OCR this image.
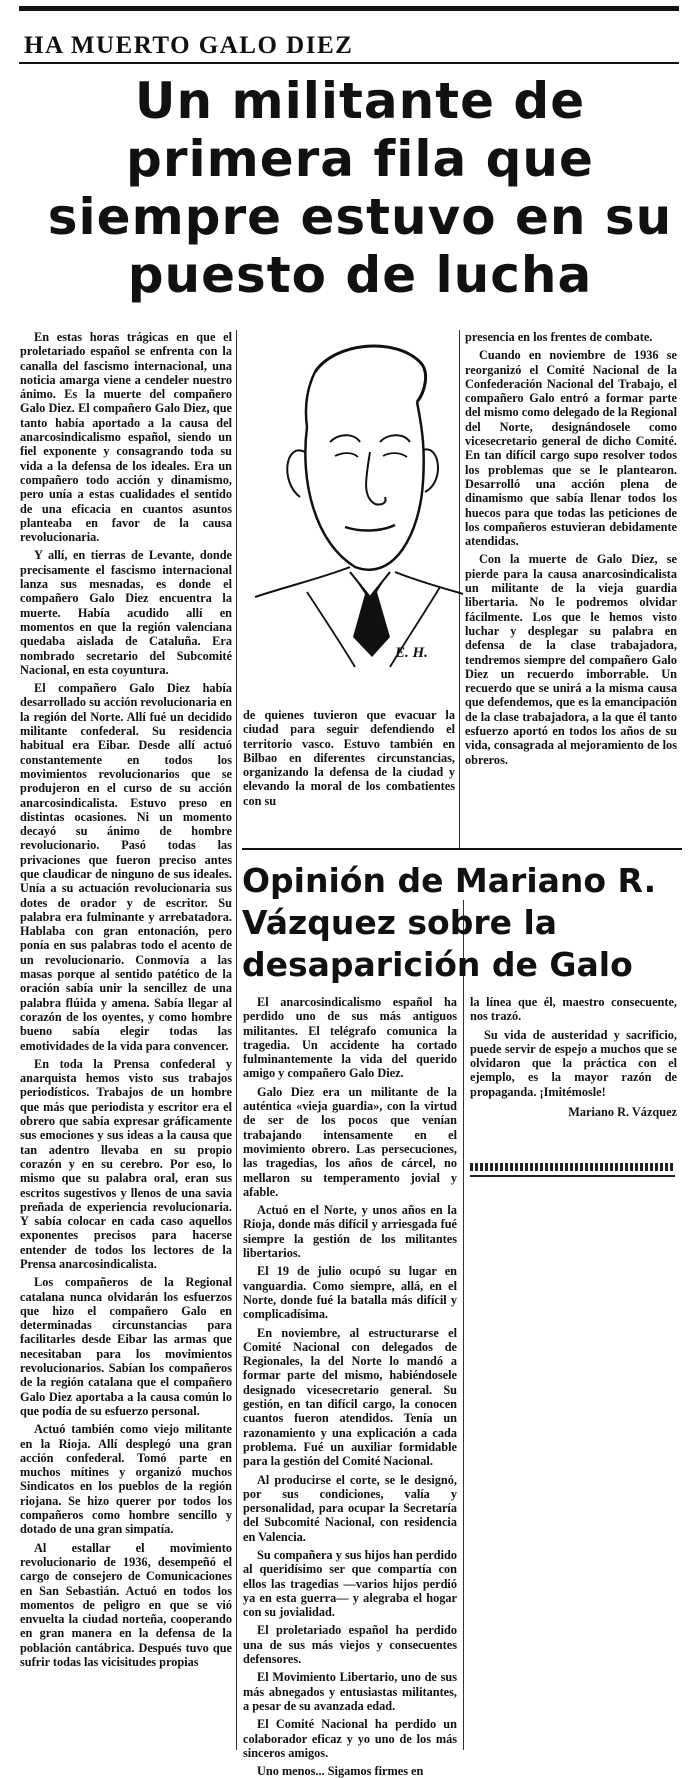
HA MUERTO GALO DIEZ
Un militante de primera fila que siempre estuvo en su puesto de lucha

En estas horas trágicas en que el proletariado español se enfrenta con la canalla del fascismo internacional, una noticia amarga viene a cendeler nuestro ánimo. Es la muerte del compañero Galo Diez. El compañero Galo Diez, que tanto había aportado a la causa del anarcosindicalismo español, siendo un fiel exponente y consagrando toda su vida a la defensa de los ideales. Era un compañero todo acción y dinamismo, pero unía a estas cualidades el sentido de una eficacia en cuantos asuntos planteaba en favor de la causa revolucionaria.

Y allí, en tierras de Levante, donde precisamente el fascismo internacional lanza sus mesnadas, es donde el compañero Galo Diez encuentra la muerte. Había acudido allí en momentos en que la región valenciana quedaba aislada de Cataluña. Era nombrado secretario del Subcomité Nacional, en esta coyuntura.

El compañero Galo Diez había desarrollado su acción revolucionaria en la región del Norte. Allí fué un decidido militante confederal. Su residencia habitual era Eibar. Desde allí actuó constantemente en todos los movimientos revolucionarios que se produjeron en el curso de su acción anarcosindicalista. Estuvo preso en distintas ocasiones. Ni un momento decayó su ánimo de hombre revolucionario. Pasó todas las privaciones que fueron preciso antes que claudicar de ninguno de sus ideales. Unía a su actuación revolucionaria sus dotes de orador y de escritor. Su palabra era fulminante y arrebatadora. Hablaba con gran entonación, pero ponía en sus palabras todo el acento de un revolucionario. Conmovía a las masas porque al sentido patético de la oración sabía unir la sencillez de una palabra flúida y amena. Sabía llegar al corazón de los oyentes, y como hombre bueno sabía elegir todas las emotividades de la vida para convencer.

En toda la Prensa confederal y anarquista hemos visto sus trabajos periodísticos. Trabajos de un hombre que más que periodista y escritor era el obrero que sabía expresar gráficamente sus emociones y sus ideas a la causa que tan adentro llevaba en su propio corazón y en su cerebro. Por eso, lo mismo que su palabra oral, eran sus escritos sugestivos y llenos de una savia preñada de experiencia revolucionaria. Y sabía colocar en cada caso aquellos exponentes precisos para hacerse entender de todos los lectores de la Prensa anarcosindicalista.

Los compañeros de la Regional catalana nunca olvidarán los esfuerzos que hizo el compañero Galo en determinadas circunstancias para facilitarles desde Eibar las armas que necesitaban para los movimientos revolucionarios. Sabían los compañeros de la región catalana que el compañero Galo Diez aportaba a la causa común lo que podía de su esfuerzo personal.

Actuó también como viejo militante en la Rioja. Allí desplegó una gran acción confederal. Tomó parte en muchos mítines y organizó muchos Sindicatos en los pueblos de la región riojana. Se hizo querer por todos los compañeros como hombre sencillo y dotado de una gran simpatía.

Al estallar el movimiento revolucionario de 1936, desempeñó el cargo de consejero de Comunicaciones en San Sebastián. Actuó en todos los momentos de peligro en que se vió envuelta la ciudad norteña, cooperando en gran manera en la defensa de la población cantábrica. Después tuvo que sufrir todas las vicisitudes propias

E. H.

de quienes tuvieron que evacuar la ciudad para seguir defendiendo el territorio vasco. Estuvo también en Bilbao en diferentes circunstancias, organizando la defensa de la ciudad y elevando la moral de los combatientes con su

presencia en los frentes de combate.

Cuando en noviembre de 1936 se reorganizó el Comité Nacional de la Confederación Nacional del Trabajo, el compañero Galo entró a formar parte del mismo como delegado de la Regional del Norte, designándosele como vicesecretario general de dicho Comité. En tan difícil cargo supo resolver todos los problemas que se le plantearon. Desarrolló una acción plena de dinamismo que sabía llenar todos los huecos para que todas las peticiones de los compañeros estuvieran debidamente atendidas.

Con la muerte de Galo Diez, se pierde para la causa anarcosindicalista un militante de la vieja guardia libertaria. No le podremos olvidar fácilmente. Los que le hemos visto luchar y desplegar su palabra en defensa de la clase trabajadora, tendremos siempre del compañero Galo Diez un recuerdo imborrable. Un recuerdo que se unirá a la misma causa que defendemos, que es la emancipación de la clase trabajadora, a la que él tanto esfuerzo aportó en todos los años de su vida, consagrada al mejoramiento de los obreros.

Opinión de Mariano R. Vázquez sobre la desaparición de Galo

El anarcosindicalismo español ha perdido uno de sus más antiguos militantes. El telégrafo comunica la tragedia. Un accidente ha cortado fulminantemente la vida del querido amigo y compañero Galo Diez.

Galo Diez era un militante de la auténtica «vieja guardia», con la virtud de ser de los pocos que venían trabajando intensamente en el movimiento obrero. Las persecuciones, las tragedias, los años de cárcel, no mellaron su temperamento jovial y afable.

Actuó en el Norte, y unos años en la Rioja, donde más difícil y arriesgada fué siempre la gestión de los militantes libertarios.

El 19 de julio ocupó su lugar en vanguardia. Como siempre, allá, en el Norte, donde fué la batalla más difícil y complicadísima.

En noviembre, al estructurarse el Comité Nacional con delegados de Regionales, la del Norte lo mandó a formar parte del mismo, habiéndosele designado vicesecretario general. Su gestión, en tan difícil cargo, la conocen cuantos fueron atendidos. Tenía un razonamiento y una explicación a cada problema. Fué un auxiliar formidable para la gestión del Comité Nacional.

Al producirse el corte, se le designó, por sus condiciones, valía y personalidad, para ocupar la Secretaría del Subcomité Nacional, con residencia en Valencia.

Su compañera y sus hijos han perdido al queridísimo ser que compartía con ellos las tragedias —varios hijos perdió ya en esta guerra— y alegraba el hogar con su jovialidad.

El proletariado español ha perdido una de sus más viejos y consecuentes defensores.

El Movimiento Libertario, uno de sus más abnegados y entusiastas militantes, a pesar de su avanzada edad.

El Comité Nacional ha perdido un colaborador eficaz y yo uno de los más sinceros amigos.

Uno menos... Sigamos firmes en

la línea que él, maestro consecuente, nos trazó.

Su vida de austeridad y sacrificio, puede servir de espejo a muchos que se olvidaron que la práctica con el ejemplo, es la mayor razón de propaganda. ¡Imitémosle!

Mariano R. Vázquez
